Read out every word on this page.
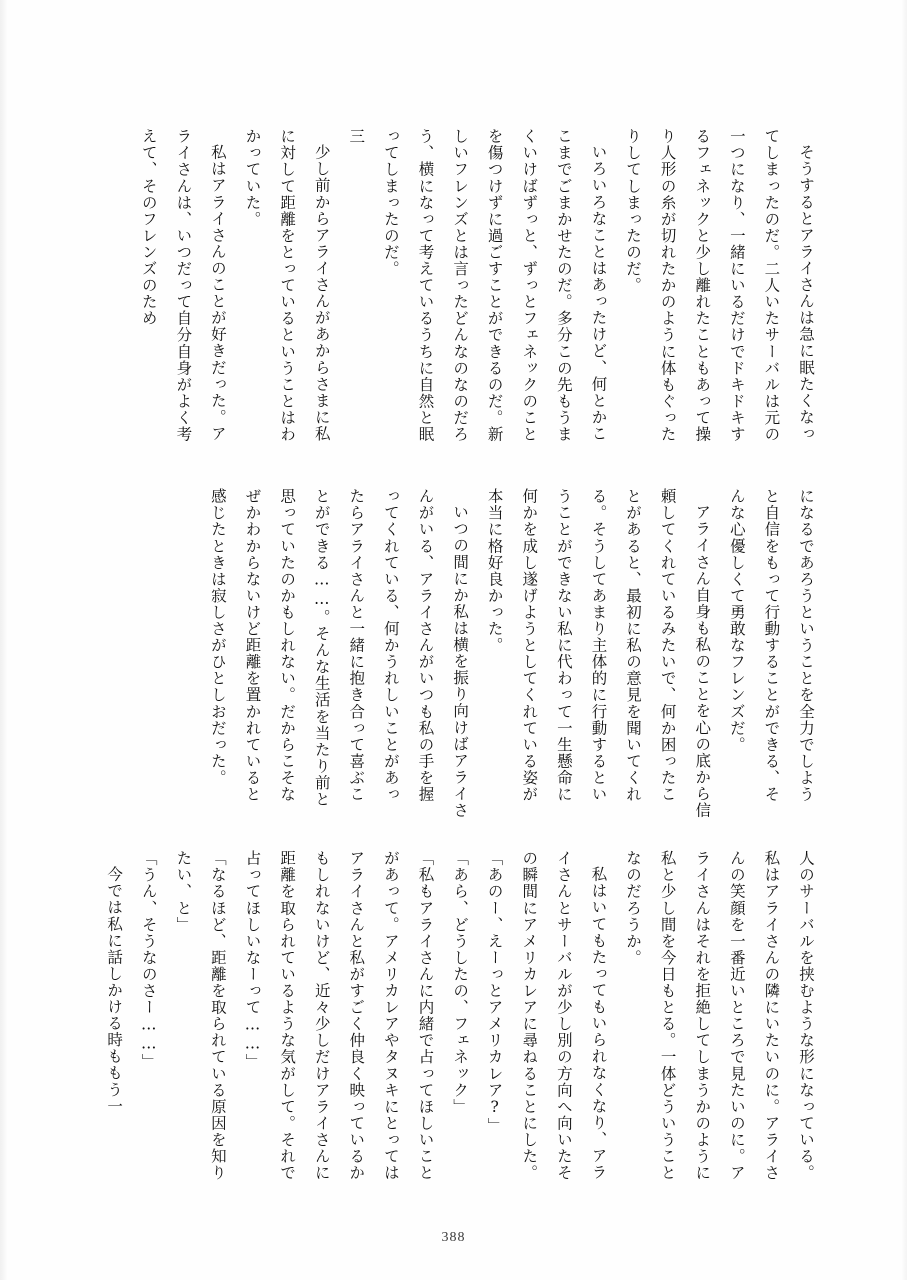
そうするとアライさんは急に眠たくなってしまったのだ。二人いたサーバルは元の一つになり、一緒にいるだけでドキドキするフェネックと少し離れたこともあって操り人形の糸が切れたかのように体もぐったりしてしまったのだ。

いろいろなことはあったけど、何とかここまでごまかせたのだ。多分この先もうまくいけばずっと、ずっとフェネックのことを傷つけずに過ごすことができるのだ。新しいフレンズとは言ったどんなのなのだろう、横になって考えているうちに自然と眠ってしまったのだ。

三

少し前からアライさんがあからさまに私に対して距離をとっているということはわかっていた。

私はアライさんのことが好きだった。アライさんは、いつだって自分自身がよく考えて、そのフレンズのため

になるであろうということを全力でしようと自信をもって行動することができる、そんな心優しくて勇敢なフレンズだ。

アライさん自身も私のことを心の底から信頼してくれているみたいで、何か困ったことがあると、最初に私の意見を聞いてくれる。そうしてあまり主体的に行動するということができない私に代わって一生懸命に何かを成し遂げようとしてくれている姿が本当に格好良かった。

いつの間にか私は横を振り向けばアライさんがいる、アライさんがいつも私の手を握ってくれている、何かうれしいことがあったらアライさんと一緒に抱き合って喜ぶことができる……。そんな生活を当たり前と思っていたのかもしれない。だからこそなぜかわからないけど距離を置かれていると感じたときは寂しさがひとしおだった。

人のサーバルを挟むような形になっている。私はアライさんの隣にいたいのに。アライさんの笑顔を一番近いところで見たいのに。アライさんはそれを拒絶してしまうかのように私と少し間を今日もとる。一体どういうことなのだろうか。

私はいてもたってもいられなくなり、アライさんとサーバルが少し別の方向へ向いたその瞬間にアメリカレアに尋ねることにした。

「あのー、えーっとアメリカレア?」

「あら、どうしたの、フェネック」

「私もアライさんに内緒で占ってほしいことがあって。アメリカレアやタヌキにとってはアライさんと私がすごく仲良く映っているかもしれないけど、近々少しだけアライさんに距離を取られているような気がして。それで占ってほしいなーって……」

「なるほど、距離を取られている原因を知りたい、と」

「うん、そうなのさー……」

今では私に話しかける時ももう一

388
